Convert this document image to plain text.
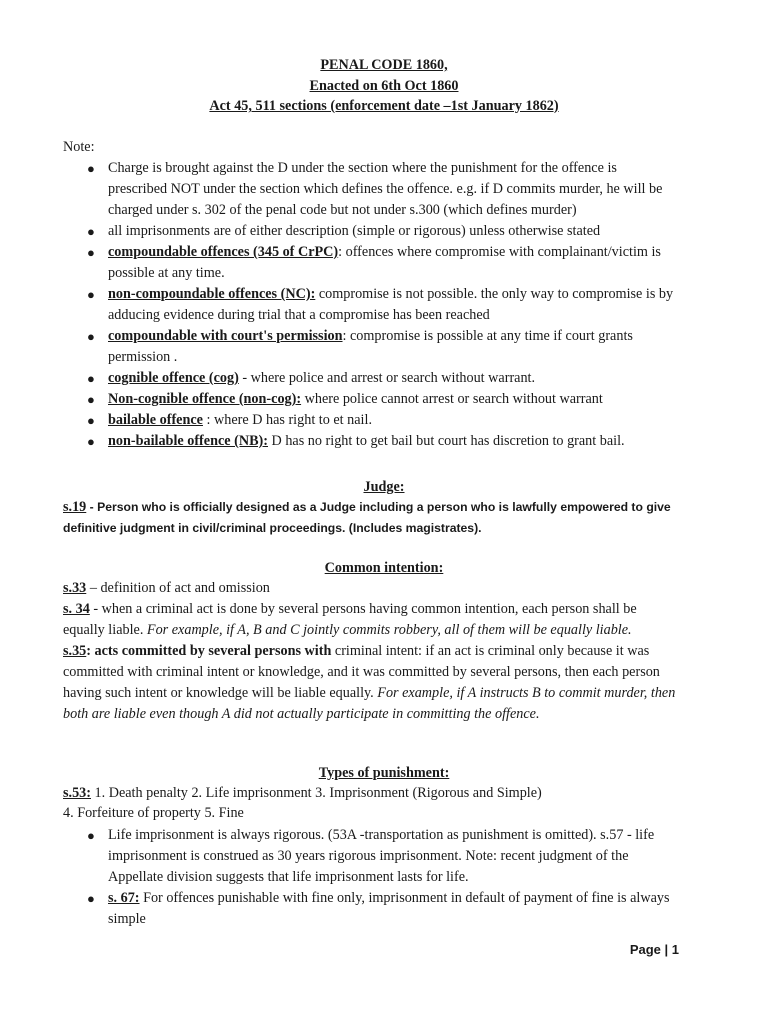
PENAL CODE 1860,
Enacted on 6th Oct 1860
Act 45, 511 sections (enforcement date –1st January 1862)
Note:
● Charge is brought against the D under the section where the punishment for the offence is prescribed NOT under the section which defines the offence. e.g. if D commits murder, he will be charged under s. 302 of the penal code but not under s.300 (which defines murder)
● all imprisonments are of either description (simple or rigorous) unless otherwise stated
● compoundable offences (345 of CrPC): offences where compromise with complainant/victim is possible at any time.
● non-compoundable offences (NC): compromise is not possible. the only way to compromise is by adducing evidence during trial that a compromise has been reached
● compoundable with court's permission: compromise is possible at any time if court grants permission .
● cognible offence (cog) - where police and arrest or search without warrant.
● Non-cognible offence (non-cog): where police cannot arrest or search without warrant
● bailable offence : where D has right to et nail.
● non-bailable offence (NB): D has no right to get bail but court has discretion to grant bail.
Judge:
s.19 - Person who is officially designed as a Judge including a person who is lawfully empowered to give definitive judgment in civil/criminal proceedings. (Includes magistrates).
Common intention:
s.33 – definition of act and omission
s. 34 - when a criminal act is done by several persons having common intention, each person shall be equally liable. For example, if A, B and C jointly commits robbery, all of them will be equally liable.
s.35: acts committed by several persons with criminal intent: if an act is criminal only because it was committed with criminal intent or knowledge, and it was committed by several persons, then each person having such intent or knowledge will be liable equally. For example, if A instructs B to commit murder, then both are liable even though A did not actually participate in committing the offence.
Types of punishment:
s.53: 1. Death penalty 2. Life imprisonment 3. Imprisonment (Rigorous and Simple)
4. Forfeiture of property 5. Fine
● Life imprisonment is always rigorous. (53A -transportation as punishment is omitted). s.57 - life imprisonment is construed as 30 years rigorous imprisonment. Note: recent judgment of the Appellate division suggests that life imprisonment lasts for life.
● s. 67: For offences punishable with fine only, imprisonment in default of payment of fine is always simple
Page | 1
